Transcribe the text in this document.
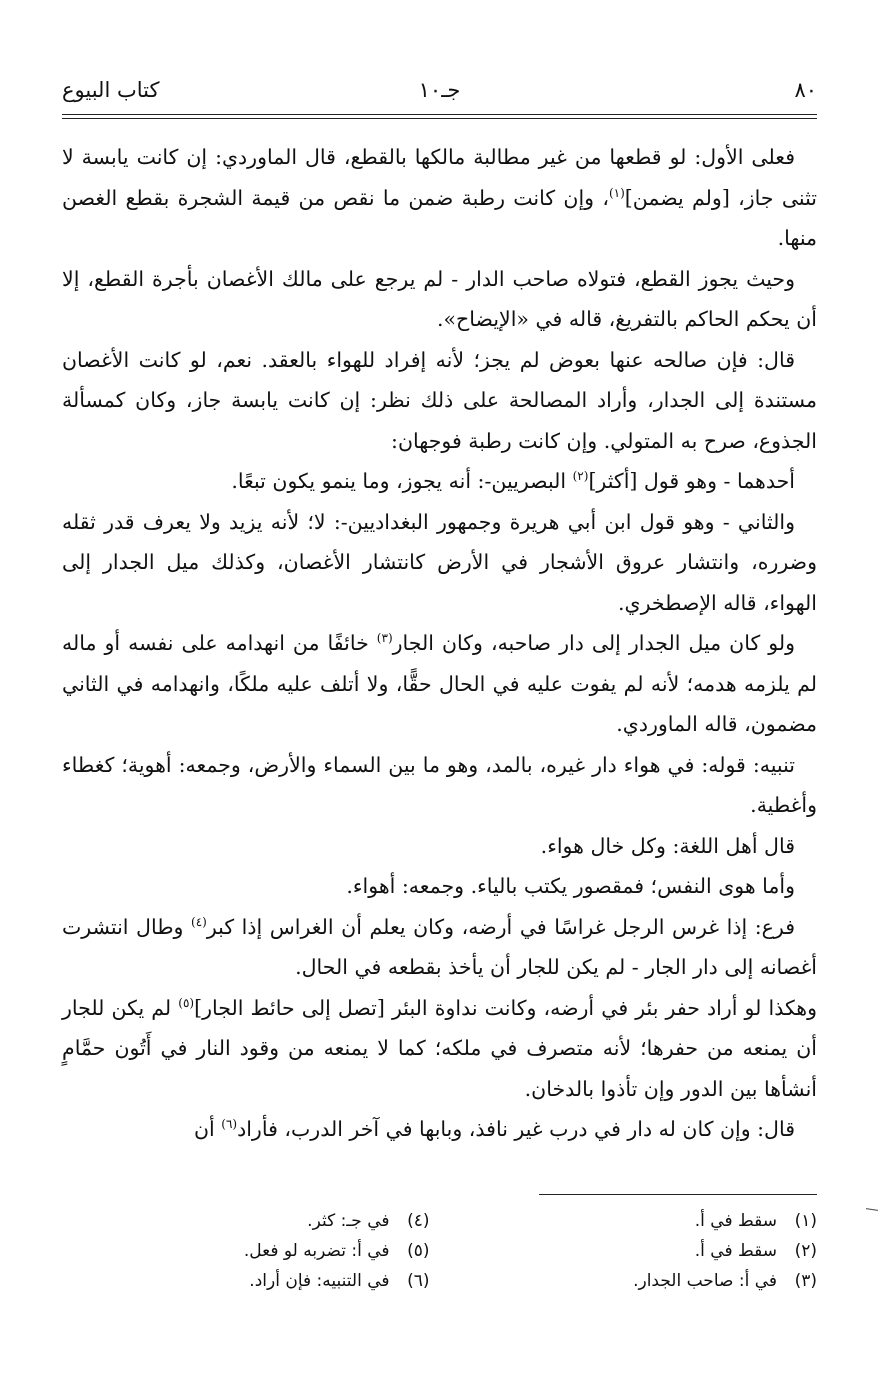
٨٠
جـ١٠
كتاب البيوع

فعلى الأول: لو قطعها من غير مطالبة مالكها بالقطع، قال الماوردي: إن كانت يابسة لا تثنى جاز، [ولم يضمن]$^{(١)}$، وإن كانت رطبة ضمن ما نقص من قيمة الشجرة بقطع الغصن منها.

وحيث يجوز القطع، فتولاه صاحب الدار - لم يرجع على مالك الأغصان بأجرة القطع، إلا أن يحكم الحاكم بالتفريغ، قاله في «الإيضاح».

قال: فإن صالحه عنها بعوض لم يجز؛ لأنه إفراد للهواء بالعقد. نعم، لو كانت الأغصان مستندة إلى الجدار، وأراد المصالحة على ذلك نظر: إن كانت يابسة جاز، وكان كمسألة الجذوع، صرح به المتولي. وإن كانت رطبة فوجهان:

أحدهما - وهو قول [أكثر]$^{(٢)}$ البصريين-: أنه يجوز، وما ينمو يكون تبعًا.

والثاني - وهو قول ابن أبي هريرة وجمهور البغداديين-: لا؛ لأنه يزيد ولا يعرف قدر ثقله وضرره، وانتشار عروق الأشجار في الأرض كانتشار الأغصان، وكذلك ميل الجدار إلى الهواء، قاله الإصطخري.

ولو كان ميل الجدار إلى دار صاحبه، وكان الجار$^{(٣)}$ خائفًا من انهدامه على نفسه أو ماله لم يلزمه هدمه؛ لأنه لم يفوت عليه في الحال حقًّا، ولا أتلف عليه ملكًا، وانهدامه في الثاني مضمون، قاله الماوردي.

تنبيه: قوله: في هواء دار غيره، بالمد، وهو ما بين السماء والأرض، وجمعه: أهوية؛ كغطاء وأغطية.

قال أهل اللغة: وكل خال هواء.

وأما هوى النفس؛ فمقصور يكتب بالياء. وجمعه: أهواء.

فرع: إذا غرس الرجل غراسًا في أرضه، وكان يعلم أن الغراس إذا كبر$^{(٤)}$ وطال انتشرت أغصانه إلى دار الجار - لم يكن للجار أن يأخذ بقطعه في الحال.

وهكذا لو أراد حفر بئر في أرضه، وكانت نداوة البئر [تصل إلى حائط الجار]$^{(٥)}$ لم يكن للجار أن يمنعه من حفرها؛ لأنه متصرف في ملكه؛ كما لا يمنعه من وقود النار في أَتُون حمَّامٍ أنشأها بين الدور وإن تأذوا بالدخان.

قال: وإن كان له دار في درب غير نافذ، وبابها في آخر الدرب، فأراد$^{(٦)}$ أن

(١)سقط في أ.
(٢)سقط في أ.
(٣)في أ: صاحب الجدار.
(٤)في جـ: كثر.
(٥)في أ: تضربه لو فعل.
(٦)في التنبيه: فإن أراد.
